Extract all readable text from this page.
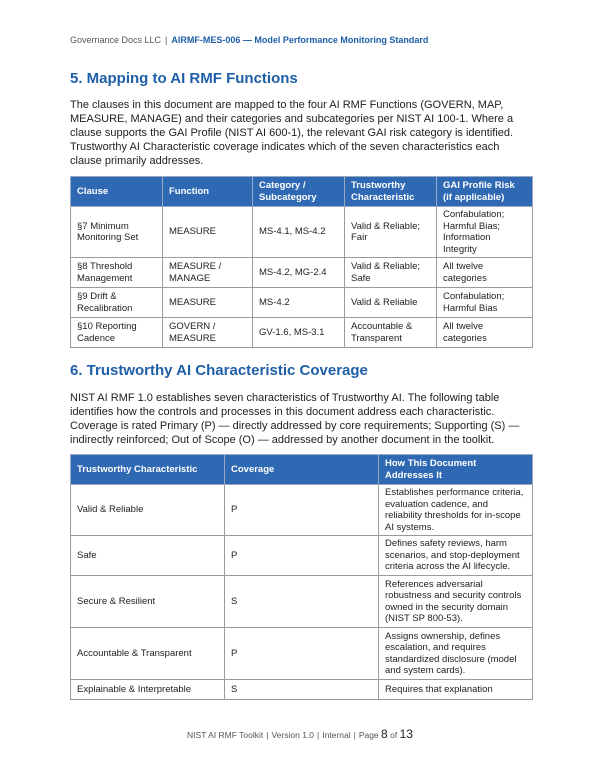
Governance Docs LLC | AIRMF-MES-006 — Model Performance Monitoring Standard
5. Mapping to AI RMF Functions

The clauses in this document are mapped to the four AI RMF Functions (GOVERN, MAP, MEASURE, MANAGE) and their categories and subcategories per NIST AI 100-1. Where a clause supports the GAI Profile (NIST AI 600-1), the relevant GAI risk category is identified. Trustworthy AI Characteristic coverage indicates which of the seven characteristics each clause primarily addresses.

Clause	Function	Category / Subcategory	Trustworthy Characteristic	GAI Profile Risk (if applicable)
§7 Minimum Monitoring Set	MEASURE	MS-4.1, MS-4.2	Valid & Reliable; Fair	Confabulation; Harmful Bias; Information Integrity
§8 Threshold Management	MEASURE / MANAGE	MS-4.2, MG-2.4	Valid & Reliable; Safe	All twelve categories
§9 Drift & Recalibration	MEASURE	MS-4.2	Valid & Reliable	Confabulation; Harmful Bias
§10 Reporting Cadence	GOVERN / MEASURE	GV-1.6, MS-3.1	Accountable & Transparent	All twelve categories
6. Trustworthy AI Characteristic Coverage

NIST AI RMF 1.0 establishes seven characteristics of Trustworthy AI. The following table identifies how the controls and processes in this document address each characteristic. Coverage is rated Primary (P) — directly addressed by core requirements; Supporting (S) — indirectly reinforced; Out of Scope (O) — addressed by another document in the toolkit.

Trustworthy Characteristic	Coverage	How This Document Addresses It
Valid & Reliable	P	Establishes performance criteria, evaluation cadence, and reliability thresholds for in-scope AI systems.
Safe	P	Defines safety reviews, harm scenarios, and stop-deployment criteria across the AI lifecycle.
Secure & Resilient	S	References adversarial robustness and security controls owned in the security domain (NIST SP 800-53).
Accountable & Transparent	P	Assigns ownership, defines escalation, and requires standardized disclosure (model and system cards).
Explainable & Interpretable	S	Requires that explanation
NIST AI RMF Toolkit | Version 1.0 | Internal | Page 8 of 13
